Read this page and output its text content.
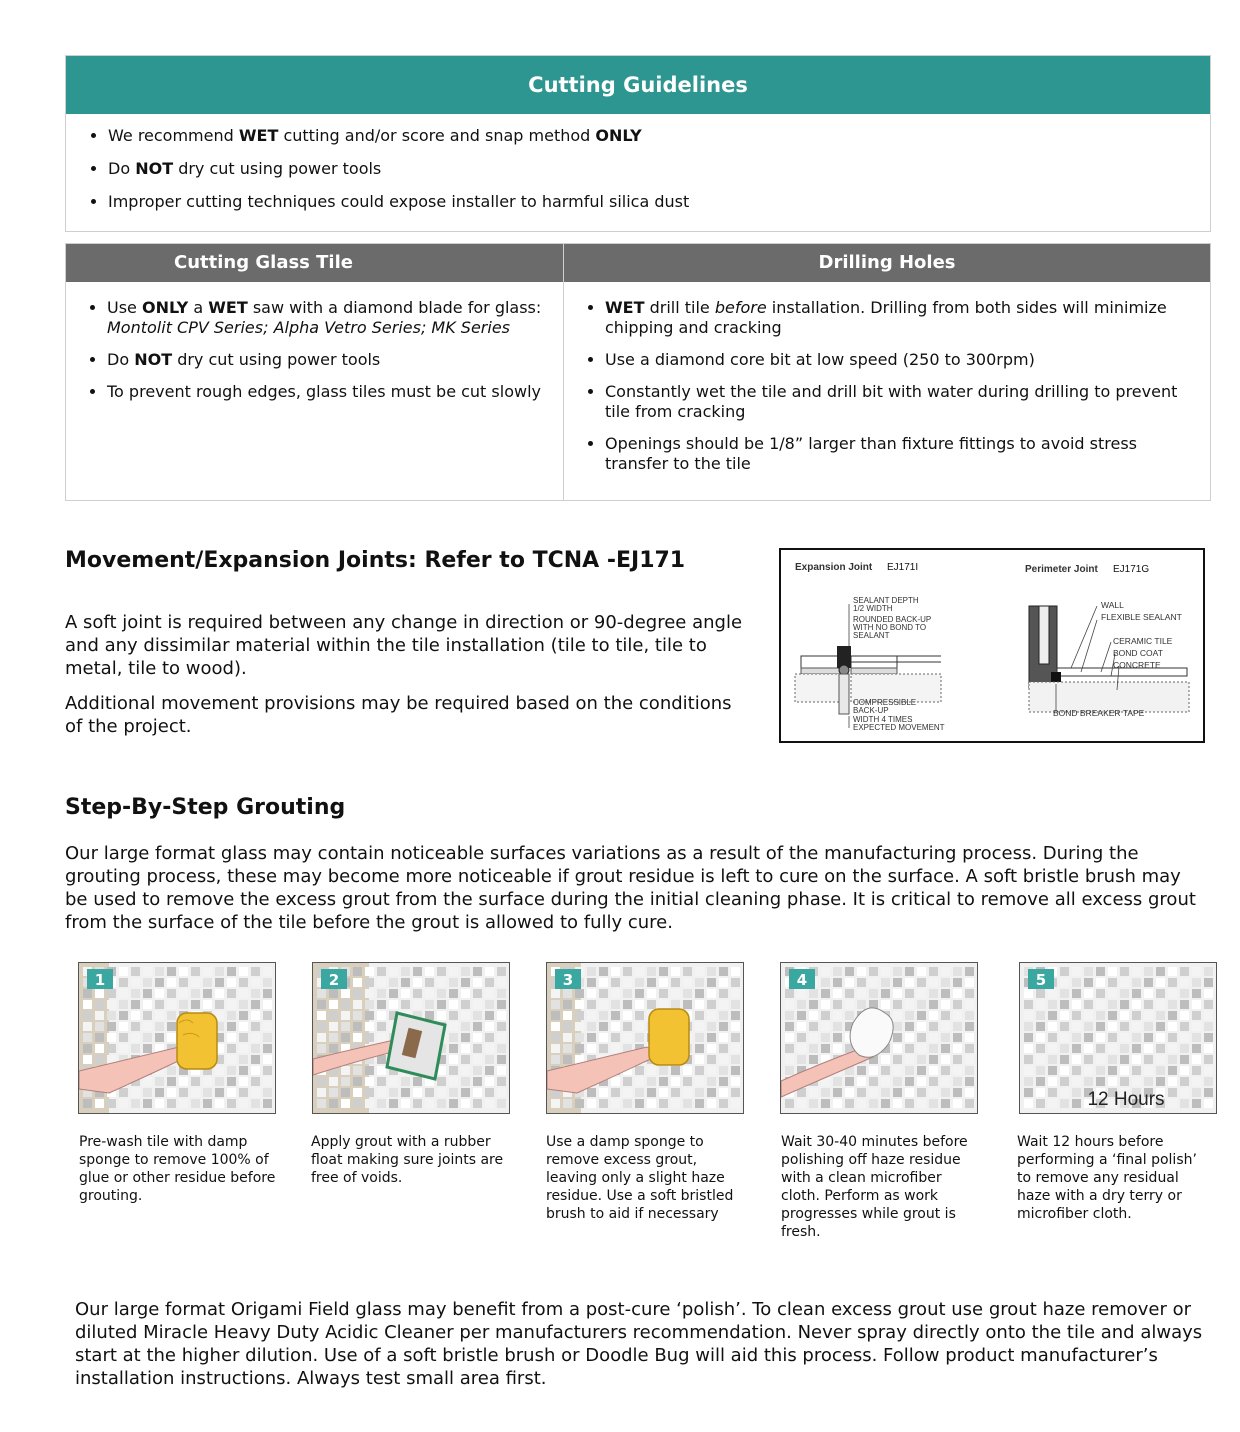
Cutting Guidelines
• We recommend WET cutting and/or score and snap method ONLY
• Do NOT dry cut using power tools
• Improper cutting techniques could expose installer to harmful silica dust
Cutting Glass Tile
• Use ONLY a WET saw with a diamond blade for glass: Montolit CPV Series; Alpha Vetro Series; MK Series
• Do NOT dry cut using power tools
• To prevent rough edges, glass tiles must be cut slowly
Drilling Holes
• WET drill tile before installation. Drilling from both sides will minimize chipping and cracking
• Use a diamond core bit at low speed (250 to 300rpm)
• Constantly wet the tile and drill bit with water during drilling to prevent tile from cracking
• Openings should be 1/8” larger than fixture fittings to avoid stress transfer to the tile
Movement/Expansion Joints: Refer to TCNA -EJ171
A soft joint is required between any change in direction or 90-degree angle and any dissimilar material within the tile installation (tile to tile, tile to metal, tile to wood).
Additional movement provisions may be required based on the conditions of the project.
Expansion Joint EJ171I	Perimeter Joint EJ171G
SEALANT DEPTH
1/2 WIDTH
ROUNDED BACK-UP
WITH NO BOND TO
SEALANT
COMPRESSIBLE
BACK-UP
WIDTH 4 TIMES
EXPECTED MOVEMENT
WALL
FLEXIBLE SEALANT
CERAMIC TILE
BOND COAT
CONCRETE
BOND BREAKER TAPE
Step-By-Step Grouting
Our large format glass may contain noticeable surfaces variations as a result of the manufacturing process. During the grouting process, these may become more noticeable if grout residue is left to cure on the surface. A soft bristle brush may be used to remove the excess grout from the surface during the initial cleaning phase. It is critical to remove all excess grout from the surface of the tile before the grout is allowed to fully cure.
1	2	3	4	5
12 Hours
Pre-wash tile with damp sponge to remove 100% of glue or other residue before grouting.
Apply grout with a rubber float making sure joints are free of voids.
Use a damp sponge to remove excess grout, leaving only a slight haze residue. Use a soft bristled brush to aid if necessary
Wait 30-40 minutes before polishing off haze residue with a clean microfiber cloth. Perform as work progresses while grout is fresh.
Wait 12 hours before performing a ‘final polish’ to remove any residual haze with a dry terry or microfiber cloth.
Our large format Origami Field glass may benefit from a post-cure ‘polish’. To clean excess grout use grout haze remover or diluted Miracle Heavy Duty Acidic Cleaner per manufacturers recommendation. Never spray directly onto the tile and always start at the higher dilution. Use of a soft bristle brush or Doodle Bug will aid this process. Follow product manufacturer’s installation instructions. Always test small area first.
